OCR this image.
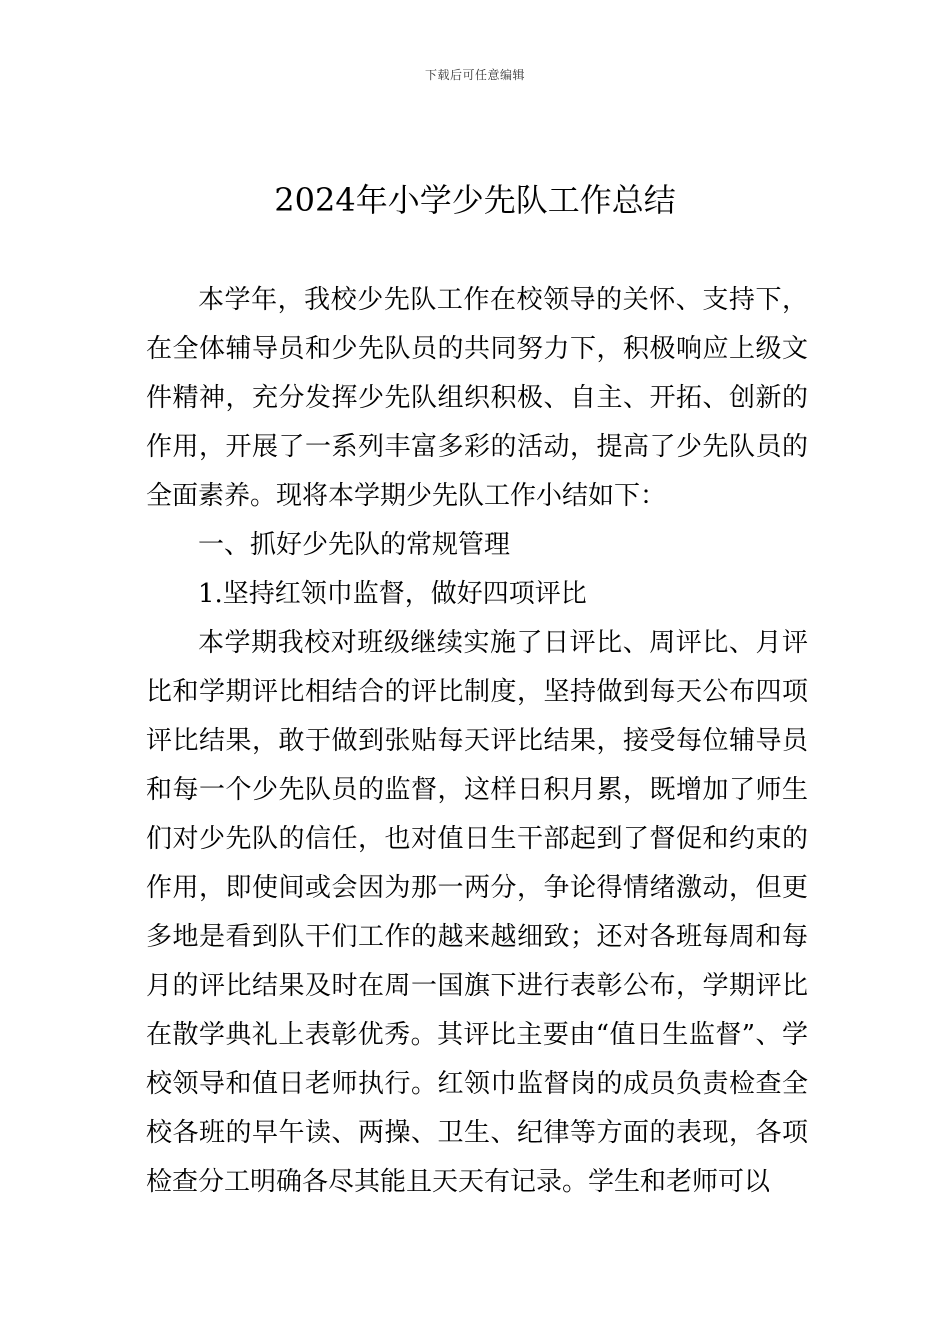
下载后可任意编辑
2024年小学少先队工作总结

本学年，我校少先队工作在校领导的关怀、支持下，在全体辅导员和少先队员的共同努力下，积极响应上级文件精神，充分发挥少先队组织积极、自主、开拓、创新的作用，开展了一系列丰富多彩的活动，提高了少先队员的全面素养。现将本学期少先队工作小结如下：

一、抓好少先队的常规管理

1.坚持红领巾监督，做好四项评比

本学期我校对班级继续实施了日评比、周评比、月评比和学期评比相结合的评比制度，坚持做到每天公布四项评比结果，敢于做到张贴每天评比结果，接受每位辅导员和每一个少先队员的监督，这样日积月累，既增加了师生们对少先队的信任，也对值日生干部起到了督促和约束的作用，即使间或会因为那一两分，争论得情绪激动，但更多地是看到队干们工作的越来越细致；还对各班每周和每月的评比结果及时在周一国旗下进行表彰公布，学期评比在散学典礼上表彰优秀。其评比主要由“值日生监督”、学校领导和值日老师执行。红领巾监督岗的成员负责检查全校各班的早午读、两操、卫生、纪律等方面的表现，各项检查分工明确各尽其能且天天有记录。学生和老师可以
